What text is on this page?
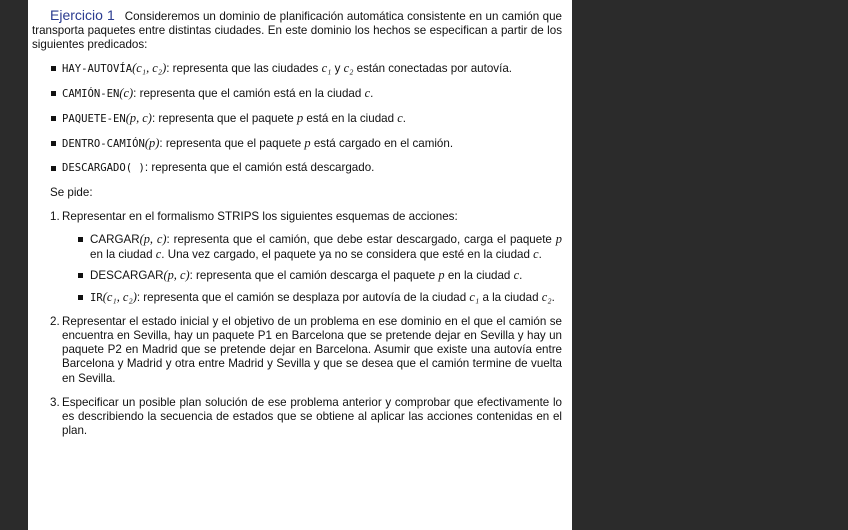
Ejercicio 1 Consideremos un dominio de planificación automática consistente en un camión que transporta paquetes entre distintas ciudades. En este dominio los hechos se especifican a partir de los siguientes predicados:

HAY-AUTOVÍA(c₁, c₂): representa que las ciudades c₁ y c₂ están conectadas por autovía.
CAMIÓN-EN(c): representa que el camión está en la ciudad c.
PAQUETE-EN(p, c): representa que el paquete p está en la ciudad c.
DENTRO-CAMIÓN(p): representa que el paquete p está cargado en el camión.
DESCARGADO( ): representa que el camión está descargado.

Se pide:

1. Representar en el formalismo STRIPS los siguientes esquemas de acciones:
CARGAR(p, c): representa que el camión, que debe estar descargado, carga el paquete p en la ciudad c. Una vez cargado, el paquete ya no se considera que esté en la ciudad c.
DESCARGAR(p, c): representa que el camión descarga el paquete p en la ciudad c.
IR(c₁, c₂): representa que el camión se desplaza por autovía de la ciudad c₁ a la ciudad c₂.
2. Representar el estado inicial y el objetivo de un problema en ese dominio en el que el camión se encuentra en Sevilla, hay un paquete P1 en Barcelona que se pretende dejar en Sevilla y hay un paquete P2 en Madrid que se pretende dejar en Barcelona. Asumir que existe una autovía entre Barcelona y Madrid y otra entre Madrid y Sevilla y que se desea que el camión termine de vuelta en Sevilla.
3. Especificar un posible plan solución de ese problema anterior y comprobar que efectivamente lo es describiendo la secuencia de estados que se obtiene al aplicar las acciones contenidas en el plan.
